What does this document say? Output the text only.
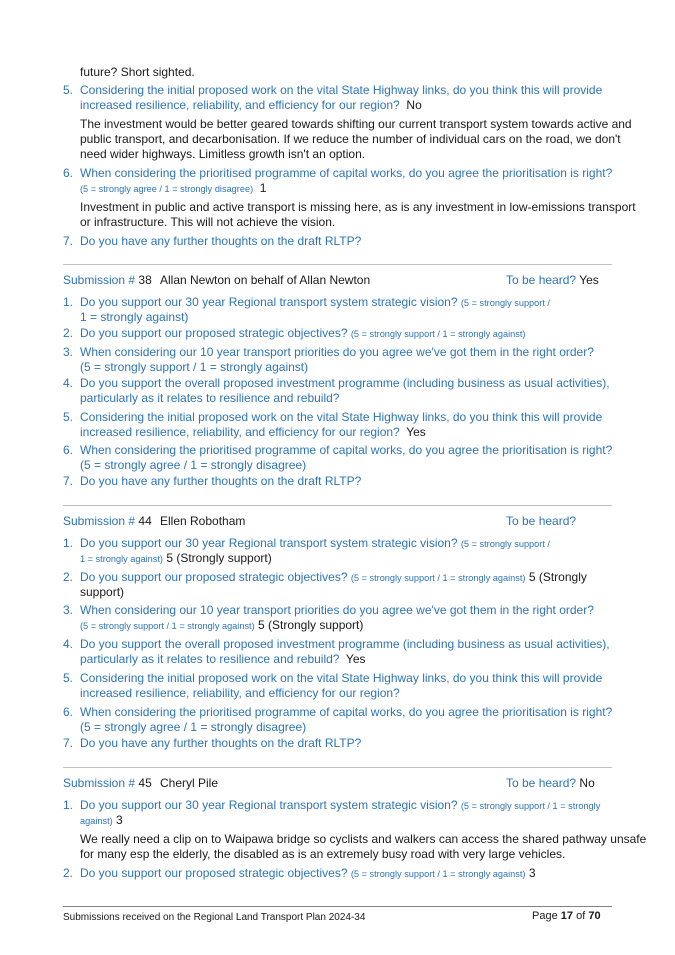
future? Short sighted.
5. Considering the initial proposed work on the vital State Highway links, do you think this will provide
increased resilience, reliability, and efficiency for our region? No
The investment would be better geared towards shifting our current transport system towards active and
public transport, and decarbonisation. If we reduce the number of individual cars on the road, we don't
need wider highways. Limitless growth isn't an option.
6. When considering the prioritised programme of capital works, do you agree the prioritisation is right?
(5 = strongly agree / 1 = strongly disagree) 1
Investment in public and active transport is missing here, as is any investment in low-emissions transport
or infrastructure. This will not achieve the vision.
7. Do you have any further thoughts on the draft RLTP?
Submission # 38 Allan Newton on behalf of Allan Newton	To be heard? Yes
1. Do you support our 30 year Regional transport system strategic vision? (5 = strongly support /
1 = strongly against)
2. Do you support our proposed strategic objectives? (5 = strongly support / 1 = strongly against)
3. When considering our 10 year transport priorities do you agree we've got them in the right order?
(5 = strongly support / 1 = strongly against)
4. Do you support the overall proposed investment programme (including business as usual activities),
particularly as it relates to resilience and rebuild?
5. Considering the initial proposed work on the vital State Highway links, do you think this will provide
increased resilience, reliability, and efficiency for our region? Yes
6. When considering the prioritised programme of capital works, do you agree the prioritisation is right?
(5 = strongly agree / 1 = strongly disagree)
7. Do you have any further thoughts on the draft RLTP?
Submission # 44 Ellen Robotham	To be heard?
1. Do you support our 30 year Regional transport system strategic vision? (5 = strongly support /
1 = strongly against) 5 (Strongly support)
2. Do you support our proposed strategic objectives? (5 = strongly support / 1 = strongly against) 5 (Strongly
support)
3. When considering our 10 year transport priorities do you agree we've got them in the right order?
(5 = strongly support / 1 = strongly against) 5 (Strongly support)
4. Do you support the overall proposed investment programme (including business as usual activities),
particularly as it relates to resilience and rebuild? Yes
5. Considering the initial proposed work on the vital State Highway links, do you think this will provide
increased resilience, reliability, and efficiency for our region?
6. When considering the prioritised programme of capital works, do you agree the prioritisation is right?
(5 = strongly agree / 1 = strongly disagree)
7. Do you have any further thoughts on the draft RLTP?
Submission # 45 Cheryl Pile	To be heard? No
1. Do you support our 30 year Regional transport system strategic vision? (5 = strongly support / 1 = strongly
against) 3
We really need a clip on to Waipawa bridge so cyclists and walkers can access the shared pathway unsafe
for many esp the elderly, the disabled as is an extremely busy road with very large vehicles.
2. Do you support our proposed strategic objectives? (5 = strongly support / 1 = strongly against) 3
Submissions received on the Regional Land Transport Plan 2024-34	Page 17 of 70
